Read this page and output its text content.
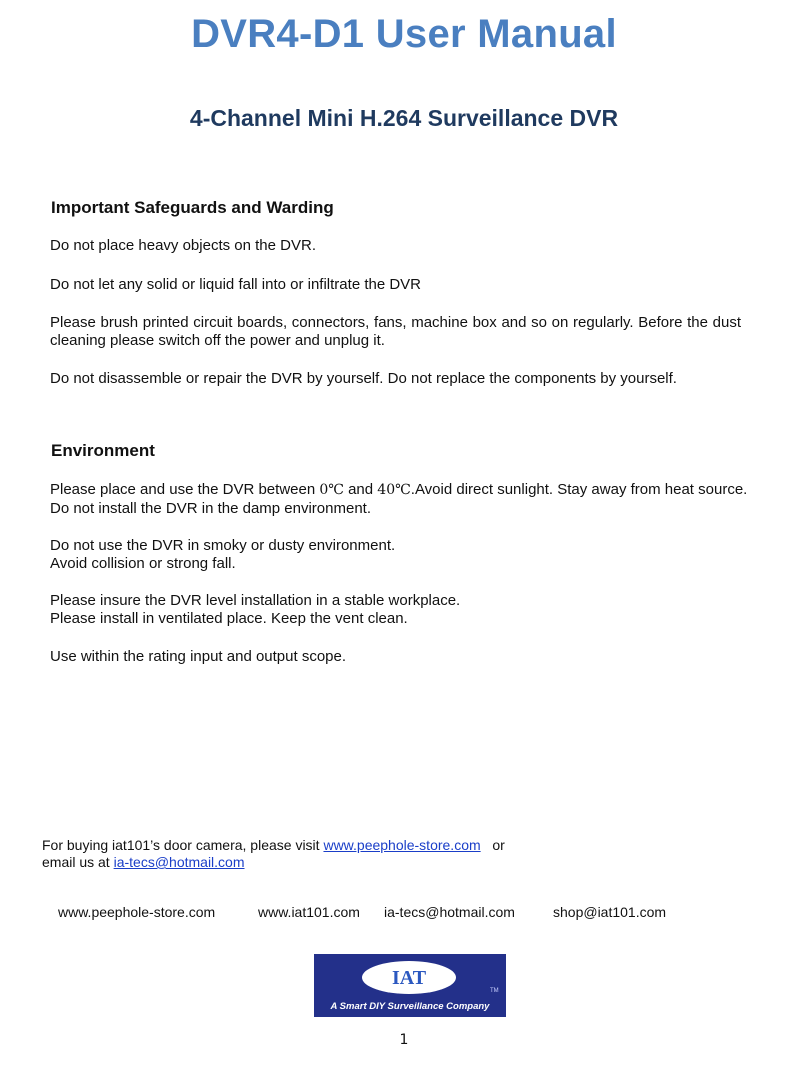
DVR4-D1 User Manual
4-Channel Mini H.264 Surveillance DVR
Important Safeguards and Warding
Do not place heavy objects on the DVR.
Do not let any solid or liquid fall into or infiltrate the DVR
Please brush printed circuit boards, connectors, fans, machine box and so on regularly. Before the dust cleaning please switch off the power and unplug it.
Do not disassemble or repair the DVR by yourself. Do not replace the components by yourself.
Environment
Please place and use the DVR between 0℃ and 40℃.Avoid direct sunlight. Stay away from heat source.
Do not install the DVR in the damp environment.
Do not use the DVR in smoky or dusty environment.
Avoid collision or strong fall.
Please insure the DVR level installation in a stable workplace.
Please install in ventilated place. Keep the vent clean.
Use within the rating input and output scope.
For buying iat101’s door camera, please visit www.peephole-store.com or
email us at ia-tecs@hotmail.com
www.peephole-store.com	www.iat101.com ia-tecs@hotmail.com	shop@iat101.com
IAT
TM
A Smart DIY Surveillance Company
1
